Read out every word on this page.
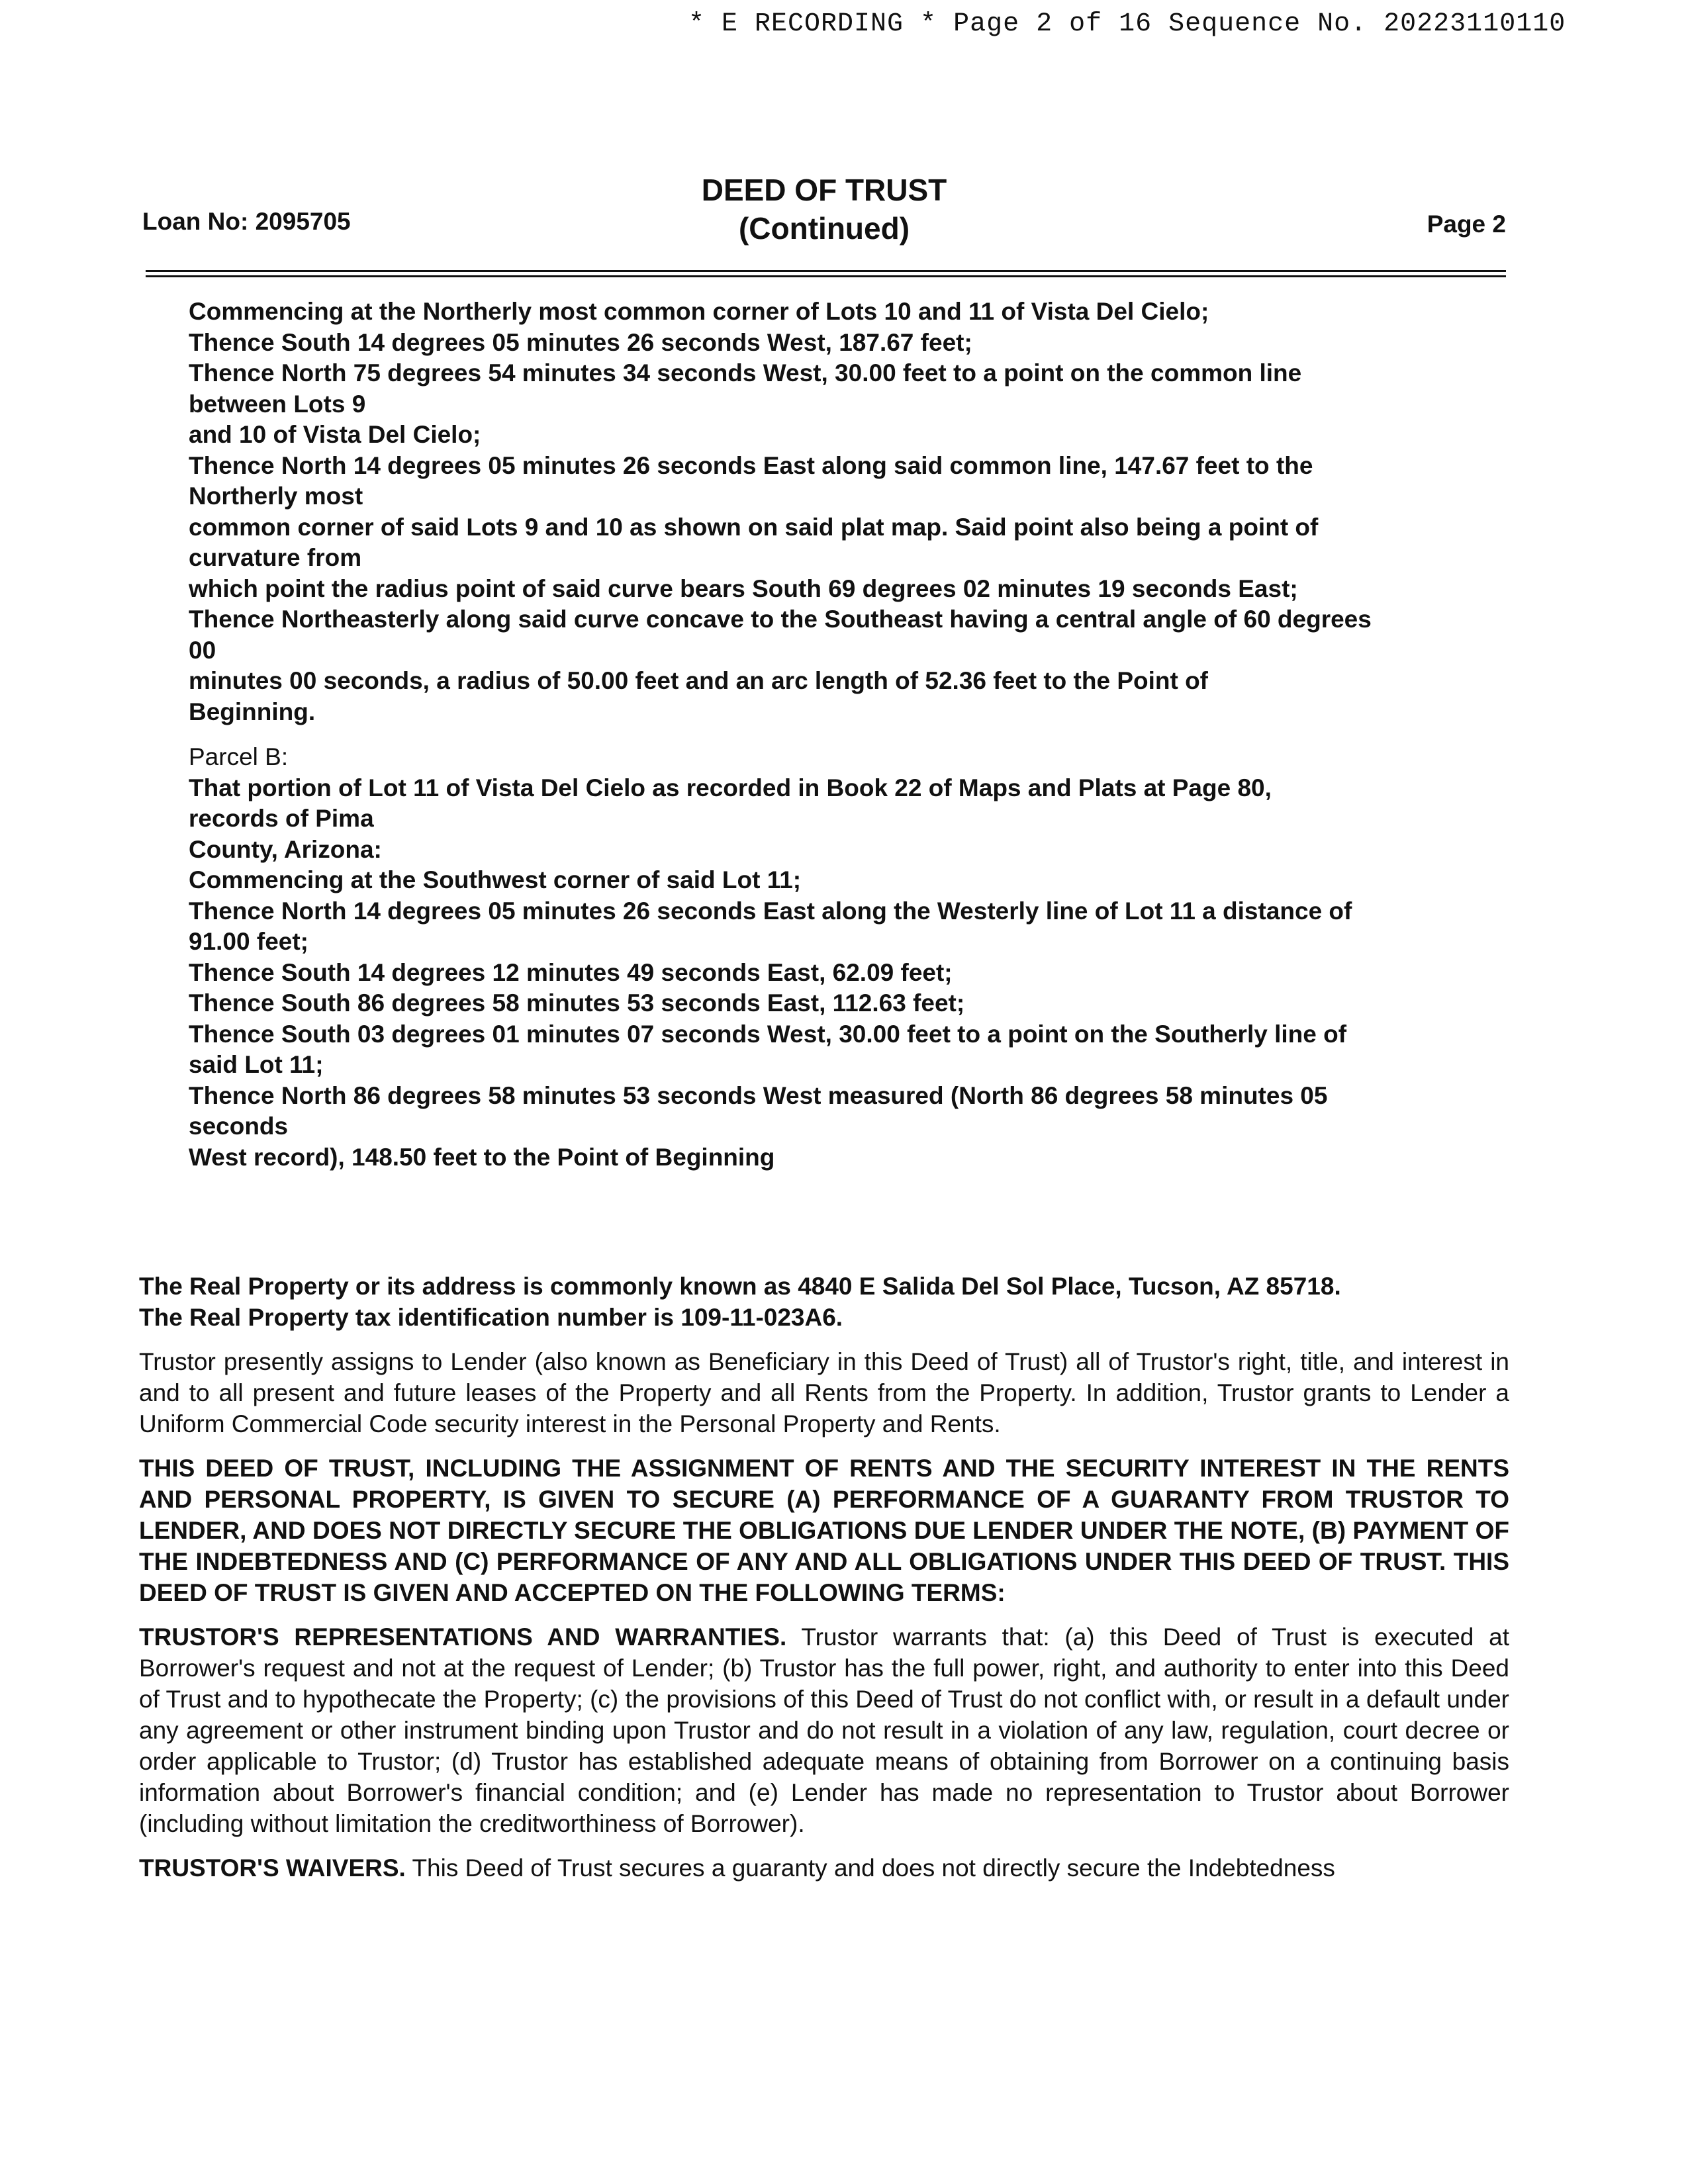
* E RECORDING * Page 2 of 16 Sequence No. 20223110110
Loan No: 2095705
DEED OF TRUST
(Continued)	Page 2

Commencing at the Northerly most common corner of Lots 10 and 11 of Vista Del Cielo;

Thence South 14 degrees 05 minutes 26 seconds West, 187.67 feet;

Thence North 75 degrees 54 minutes 34 seconds West, 30.00 feet to a point on the common line

between Lots 9

and 10 of Vista Del Cielo;

Thence North 14 degrees 05 minutes 26 seconds East along said common line, 147.67 feet to the

Northerly most

common corner of said Lots 9 and 10 as shown on said plat map. Said point also being a point of

curvature from

which point the radius point of said curve bears South 69 degrees 02 minutes 19 seconds East;

Thence Northeasterly along said curve concave to the Southeast having a central angle of 60 degrees

00

minutes 00 seconds, a radius of 50.00 feet and an arc length of 52.36 feet to the Point of

Beginning.

Parcel B:

That portion of Lot 11 of Vista Del Cielo as recorded in Book 22 of Maps and Plats at Page 80,

records of Pima

County, Arizona:

Commencing at the Southwest corner of said Lot 11;

Thence North 14 degrees 05 minutes 26 seconds East along the Westerly line of Lot 11 a distance of

91.00 feet;

Thence South 14 degrees 12 minutes 49 seconds East, 62.09 feet;

Thence South 86 degrees 58 minutes 53 seconds East, 112.63 feet;

Thence South 03 degrees 01 minutes 07 seconds West, 30.00 feet to a point on the Southerly line of

said Lot 11;

Thence North 86 degrees 58 minutes 53 seconds West measured (North 86 degrees 58 minutes 05

seconds

West record), 148.50 feet to the Point of Beginning

The Real Property or its address is commonly known as 4840 E Salida Del Sol Place, Tucson, AZ 85718.
The Real Property tax identification number is 109-11-023A6.

Trustor presently assigns to Lender (also known as Beneficiary in this Deed of Trust) all of Trustor's right, title, and interest in and to all present and future leases of the Property and all Rents from the Property. In addition, Trustor grants to Lender a Uniform Commercial Code security interest in the Personal Property and Rents.

THIS DEED OF TRUST, INCLUDING THE ASSIGNMENT OF RENTS AND THE SECURITY INTEREST IN THE RENTS AND PERSONAL PROPERTY, IS GIVEN TO SECURE (A) PERFORMANCE OF A GUARANTY FROM TRUSTOR TO LENDER, AND DOES NOT DIRECTLY SECURE THE OBLIGATIONS DUE LENDER UNDER THE NOTE, (B) PAYMENT OF THE INDEBTEDNESS AND (C) PERFORMANCE OF ANY AND ALL OBLIGATIONS UNDER THIS DEED OF TRUST. THIS DEED OF TRUST IS GIVEN AND ACCEPTED ON THE FOLLOWING TERMS:

TRUSTOR'S REPRESENTATIONS AND WARRANTIES. Trustor warrants that: (a) this Deed of Trust is executed at Borrower's request and not at the request of Lender; (b) Trustor has the full power, right, and authority to enter into this Deed of Trust and to hypothecate the Property; (c) the provisions of this Deed of Trust do not conflict with, or result in a default under any agreement or other instrument binding upon Trustor and do not result in a violation of any law, regulation, court decree or order applicable to Trustor; (d) Trustor has established adequate means of obtaining from Borrower on a continuing basis information about Borrower's financial condition; and (e) Lender has made no representation to Trustor about Borrower (including without limitation the creditworthiness of Borrower).

TRUSTOR'S WAIVERS. This Deed of Trust secures a guaranty and does not directly secure the Indebtedness
